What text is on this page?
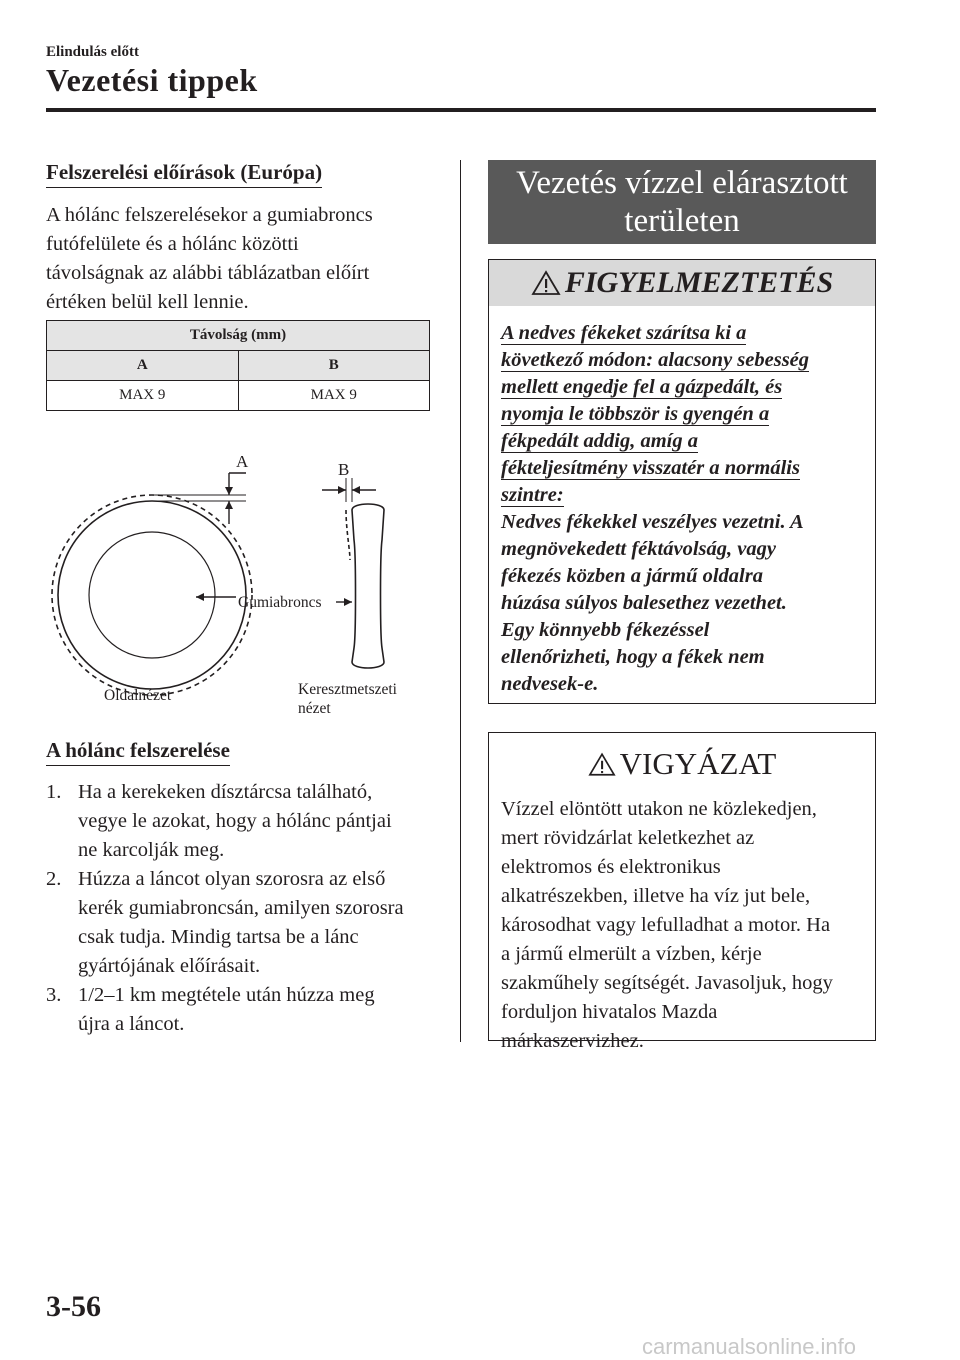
Elindulás előtt
Vezetési tippek
Felszerelési előírások (Európa)
A hólánc felszerelésekor a gumiabroncs
futófelülete és a hólánc közötti
távolságnak az alábbi táblázatban előírt
értéken belül kell lennie.
Távolság (mm)	
A	B
MAX 9	MAX 9
A	B
Gumiabroncs
Oldalnézet	Keresztmetszeti
nézet
A hólánc felszerelése
1. Ha a kerekeken dísztárcsa található,
vegye le azokat, hogy a hólánc pántjai
ne karcolják meg.
2. Húzza a láncot olyan szorosra az első
kerék gumiabroncsán, amilyen szorosra
csak tudja. Mindig tartsa be a lánc
gyártójának előírásait.
3. 1/2–1 km megtétele után húzza meg
újra a láncot.
Vezetés vízzel elárasztott
területen
FIGYELMEZTETÉS
A nedves fékeket szárítsa ki a
következő módon: alacsony sebesség
mellett engedje fel a gázpedált, és
nyomja le többször is gyengén a
fékpedált addig, amíg a
fékteljesítmény visszatér a normális
szintre:
Nedves fékekkel veszélyes vezetni. A
megnövekedett féktávolság, vagy
fékezés közben a jármű oldalra
húzása súlyos balesethez vezethet.
Egy könnyebb fékezéssel
ellenőrizheti, hogy a fékek nem
nedvesek-e.
VIGYÁZAT
Vízzel elöntött utakon ne közlekedjen,
mert rövidzárlat keletkezhet az
elektromos és elektronikus
alkatrészekben, illetve ha víz jut bele,
károsodhat vagy lefulladhat a motor. Ha
a jármű elmerült a vízben, kérje
szakműhely segítségét. Javasoljuk, hogy
forduljon hivatalos Mazda
márkaszervizhez.
3-56
carmanualsonline.info
